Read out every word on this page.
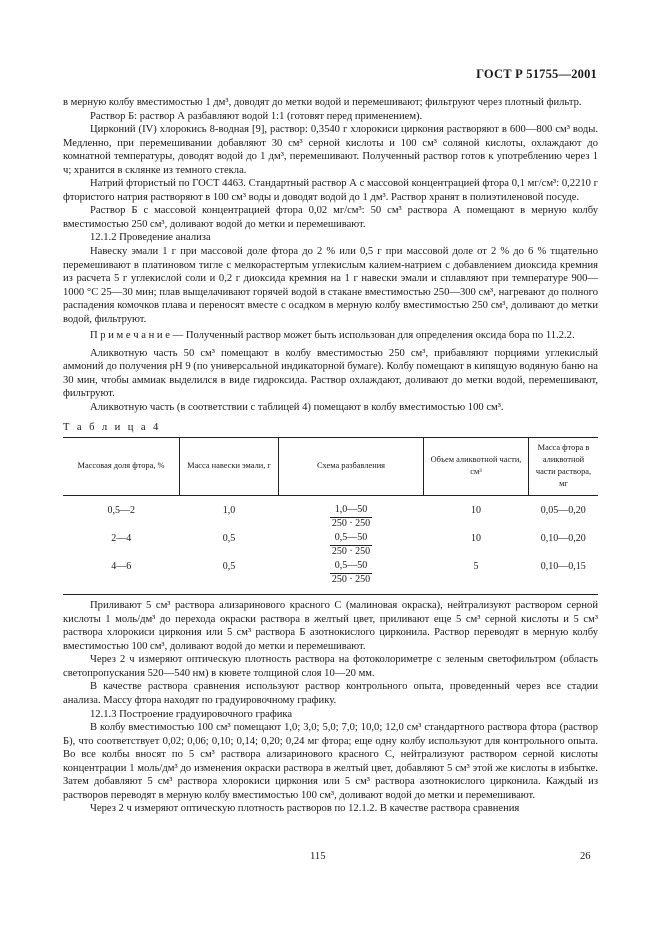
ГОСТ Р 51755—2001

в мерную колбу вместимостью 1 дм³, доводят до метки водой и перемешивают; фильтруют через плотный фильтр.

Раствор Б: раствор А разбавляют водой 1:1 (готовят перед применением).

Цирконий (IV) хлорокись 8-водная [9], раствор: 0,3540 г хлорокиси циркония растворяют в 600—800 см³ воды. Медленно, при перемешивании добавляют 30 см³ серной кислоты и 100 см³ соляной кислоты, охлаждают до комнатной температуры, доводят водой до 1 дм³, перемешивают. Полученный раствор готов к употреблению через 1 ч; хранится в склянке из темного стекла.

Натрий фтористый по ГОСТ 4463. Стандартный раствор А с массовой концентрацией фтора 0,1 мг/см³: 0,2210 г фтористого натрия растворяют в 100 см³ воды и доводят водой до 1 дм³. Раствор хранят в полиэтиленовой посуде.

Раствор Б с массовой концентрацией фтора 0,02 мг/см³: 50 см³ раствора А помещают в мерную колбу вместимостью 250 см³, доливают водой до метки и перемешивают.

12.1.2 Проведение анализа

Навеску эмали 1 г при массовой доле фтора до 2 % или 0,5 г при массовой доле от 2 % до 6 % тщательно перемешивают в платиновом тигле с мелкорастертым углекислым калием-натрием с добавлением диоксида кремния из расчета 5 г углекислой соли и 0,2 г диоксида кремния на 1 г навески эмали и сплавляют при температуре 900—1000 °С 25—30 мин; плав выщелачивают горячей водой в стакане вместимостью 250—300 см³, нагревают до полного распадения комочков плава и переносят вместе с осадком в мерную колбу вместимостью 250 см³, доливают до метки водой, фильтруют.

П р и м е ч а н и е — Полученный раствор может быть использован для определения оксида бора по 11.2.2.

Аликвотную часть 50 см³ помещают в колбу вместимостью 250 см³, прибавляют порциями углекислый аммоний до получения рН 9 (по универсальной индикаторной бумаге). Колбу помещают в кипящую водяную баню на 30 мин, чтобы аммиак выделился в виде гидроксида. Раствор охлаждают, доливают до метки водой, перемешивают, фильтруют.

Аликвотную часть (в соответствии с таблицей 4) помещают в колбу вместимостью 100 см³.

Т а б л и ц а 4

Массовая доля фтора, %	Масса навески эмали, г	Схема разбавления	Объем аликвотной части, см³	Масса фтора в аликвотной части раствора, мг
0,5—2	1,0	$\frac{1,0—50}{250 \cdot 250}$	10	0,05—0,20
2—4	0,5	$\frac{0,5—50}{250 \cdot 250}$	10	0,10—0,20
4—6	0,5	$\frac{0,5—50}{250 \cdot 250}$	5	0,10—0,15

Приливают 5 см³ раствора ализаринового красного С (малиновая окраска), нейтрализуют раствором серной кислоты 1 моль/дм³ до перехода окраски раствора в желтый цвет, приливают еще 5 см³ серной кислоты и 5 см³ раствора хлорокиси циркония или 5 см³ раствора Б азотнокислого цирконила. Раствор переводят в мерную колбу вместимостью 100 см³, доливают водой до метки и перемешивают.

Через 2 ч измеряют оптическую плотность раствора на фотоколориметре с зеленым светофильтром (область светопропускания 520—540 нм) в кювете толщиной слоя 10—20 мм.

В качестве раствора сравнения используют раствор контрольного опыта, проведенный через все стадии анализа. Массу фтора находят по градуировочному графику.

12.1.3 Построение градуировочного графика

В колбу вместимостью 100 см³ помещают 1,0; 3,0; 5,0; 7,0; 10,0; 12,0 см³ стандартного раствора фтора (раствор Б), что соответствует 0,02; 0,06; 0,10; 0,14; 0,20; 0,24 мг фтора; еще одну колбу используют для контрольного опыта. Во все колбы вносят по 5 см³ раствора ализаринового красного С, нейтрализуют раствором серной кислоты концентрации 1 моль/дм³ до изменения окраски раствора в желтый цвет, добавляют 5 см³ этой же кислоты в избытке. Затем добавляют 5 см³ раствора хлорокиси циркония или 5 см³ раствора азотнокислого цирконила. Каждый из растворов переводят в мерную колбу вместимостью 100 см³, доливают водой до метки и перемешивают.

Через 2 ч измеряют оптическую плотность растворов по 12.1.2. В качестве раствора сравнения

115	26
